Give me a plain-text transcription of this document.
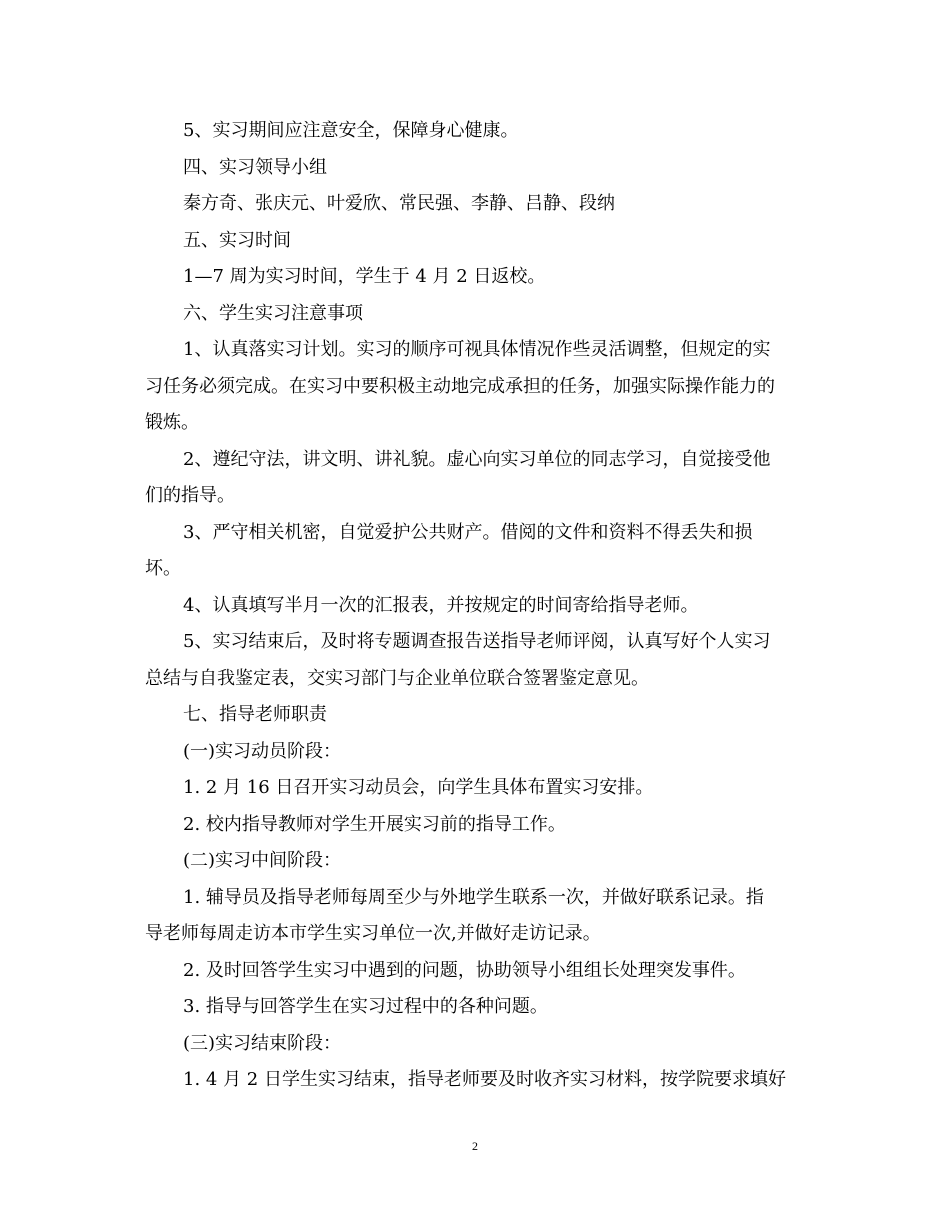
5、实习期间应注意安全，保障身心健康。

四、实习领导小组

秦方奇、张庆元、叶爱欣、常民强、李静、吕静、段纳

五、实习时间

1—7 周为实习时间，学生于 4 月 2 日返校。

六、学生实习注意事项

1、认真落实习计划。实习的顺序可视具体情况作些灵活调整，但规定的实

习任务必须完成。在实习中要积极主动地完成承担的任务，加强实际操作能力的

锻炼。

2、遵纪守法，讲文明、讲礼貌。虚心向实习单位的同志学习，自觉接受他

们的指导。

3、严守相关机密，自觉爱护公共财产。借阅的文件和资料不得丢失和损

坏。

4、认真填写半月一次的汇报表，并按规定的时间寄给指导老师。

5、实习结束后，及时将专题调查报告送指导老师评阅，认真写好个人实习

总结与自我鉴定表，交实习部门与企业单位联合签署鉴定意见。

七、指导老师职责

(一)实习动员阶段：

1. 2 月 16 日召开实习动员会，向学生具体布置实习安排。

2. 校内指导教师对学生开展实习前的指导工作。

(二)实习中间阶段：

1. 辅导员及指导老师每周至少与外地学生联系一次，并做好联系记录。指

导老师每周走访本市学生实习单位一次,并做好走访记录。

2. 及时回答学生实习中遇到的问题，协助领导小组组长处理突发事件。

3. 指导与回答学生在实习过程中的各种问题。

(三)实习结束阶段：

1. 4 月 2 日学生实习结束，指导老师要及时收齐实习材料，按学院要求填好

2
